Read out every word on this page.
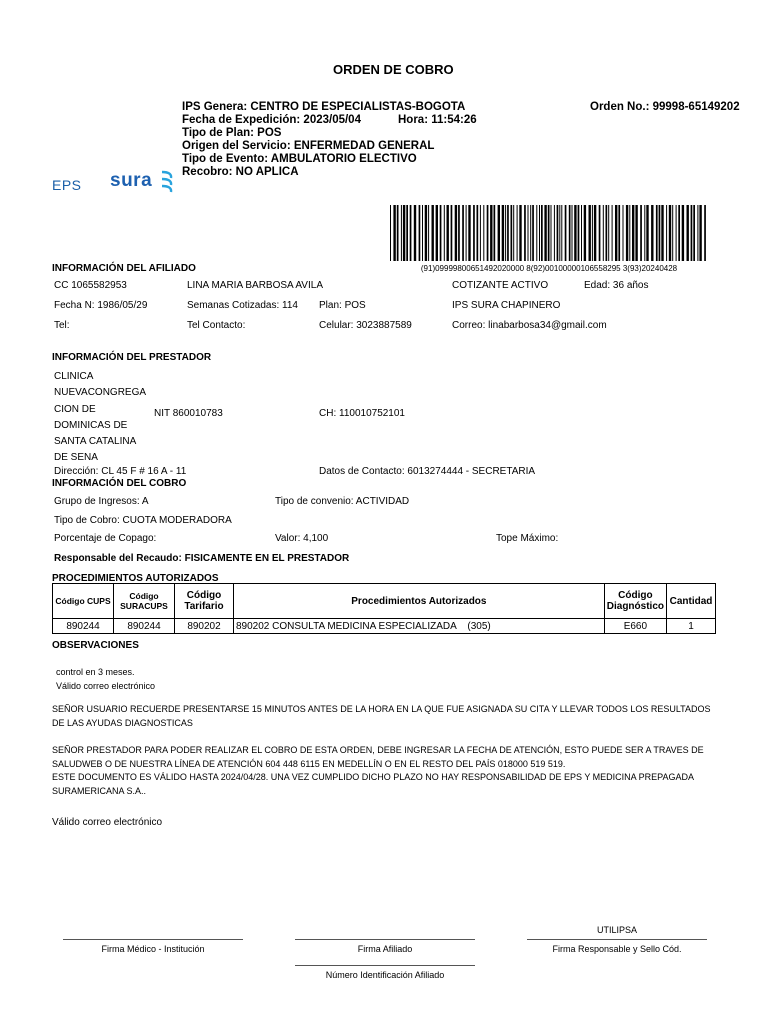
ORDEN DE COBRO
IPS Genera: CENTRO DE ESPECIALISTAS-BOGOTA	Orden No.: 99998-65149202
Fecha de Expedición: 2023/05/04	Hora: 11:54:26
Tipo de Plan: POS
Origen del Servicio: ENFERMEDAD GENERAL
Tipo de Evento: AMBULATORIO ELECTIVO
Recobro: NO APLICA
EPS sura
(91)09999800651492020000 8(92)00100000106558295 3(93)20240428
INFORMACIÓN DEL AFILIADO
CC 1065582953	LINA MARIA BARBOSA AVILA	COTIZANTE ACTIVO	Edad: 36 años
Fecha N: 1986/05/29	Semanas Cotizadas: 114 Plan: POS	IPS SURA CHAPINERO
Tel:	Tel Contacto:	Celular: 3023887589	Correo: linabarbosa34@gmail.com
INFORMACIÓN DEL PRESTADOR
CLINICA
NUEVACONGREGA
CION DE
DOMINICAS DE
SANTA CATALINA
DE SENA
NIT 860010783	CH: 110010752101
Dirección: CL 45 F # 16 A - 11	Datos de Contacto: 6013274444 - SECRETARIA
INFORMACIÓN DEL COBRO
Grupo de Ingresos: A	Tipo de convenio: ACTIVIDAD
Tipo de Cobro: CUOTA MODERADORA
Porcentaje de Copago:	Valor: 4,100	Tope Máximo:
Responsable del Recaudo: FISICAMENTE EN EL PRESTADOR
PROCEDIMIENTOS AUTORIZADOS
Código CUPS	Código SURACUPS	Código Tarifario	Procedimientos Autorizados	Código Diagnóstico	Cantidad
890244	890244	890202	890202 CONSULTA MEDICINA ESPECIALIZADA    (305)	E660	1
OBSERVACIONES
control en 3 meses.
Válido correo electrónico
SEÑOR USUARIO RECUERDE PRESENTARSE 15 MINUTOS ANTES DE LA HORA EN LA QUE FUE ASIGNADA SU CITA Y LLEVAR TODOS LOS RESULTADOS DE LAS AYUDAS DIAGNOSTICAS
SEÑOR PRESTADOR PARA PODER REALIZAR EL COBRO DE ESTA ORDEN, DEBE INGRESAR LA FECHA DE ATENCIÓN, ESTO PUEDE SER A TRAVES DE SALUDWEB O DE NUESTRA LÍNEA DE ATENCIÓN 604 448 6115 EN MEDELLÍN O EN EL RESTO DEL PAÍS 018000 519 519.
ESTE DOCUMENTO ES VÁLIDO HASTA 2024/04/28. UNA VEZ CUMPLIDO DICHO PLAZO NO HAY RESPONSABILIDAD DE EPS Y MEDICINA PREPAGADA SURAMERICANA S.A..
Válido correo electrónico
UTILIPSA
Firma Médico - Institución	Firma Afiliado	Firma Responsable y Sello Cód.
Número Identificación Afiliado
